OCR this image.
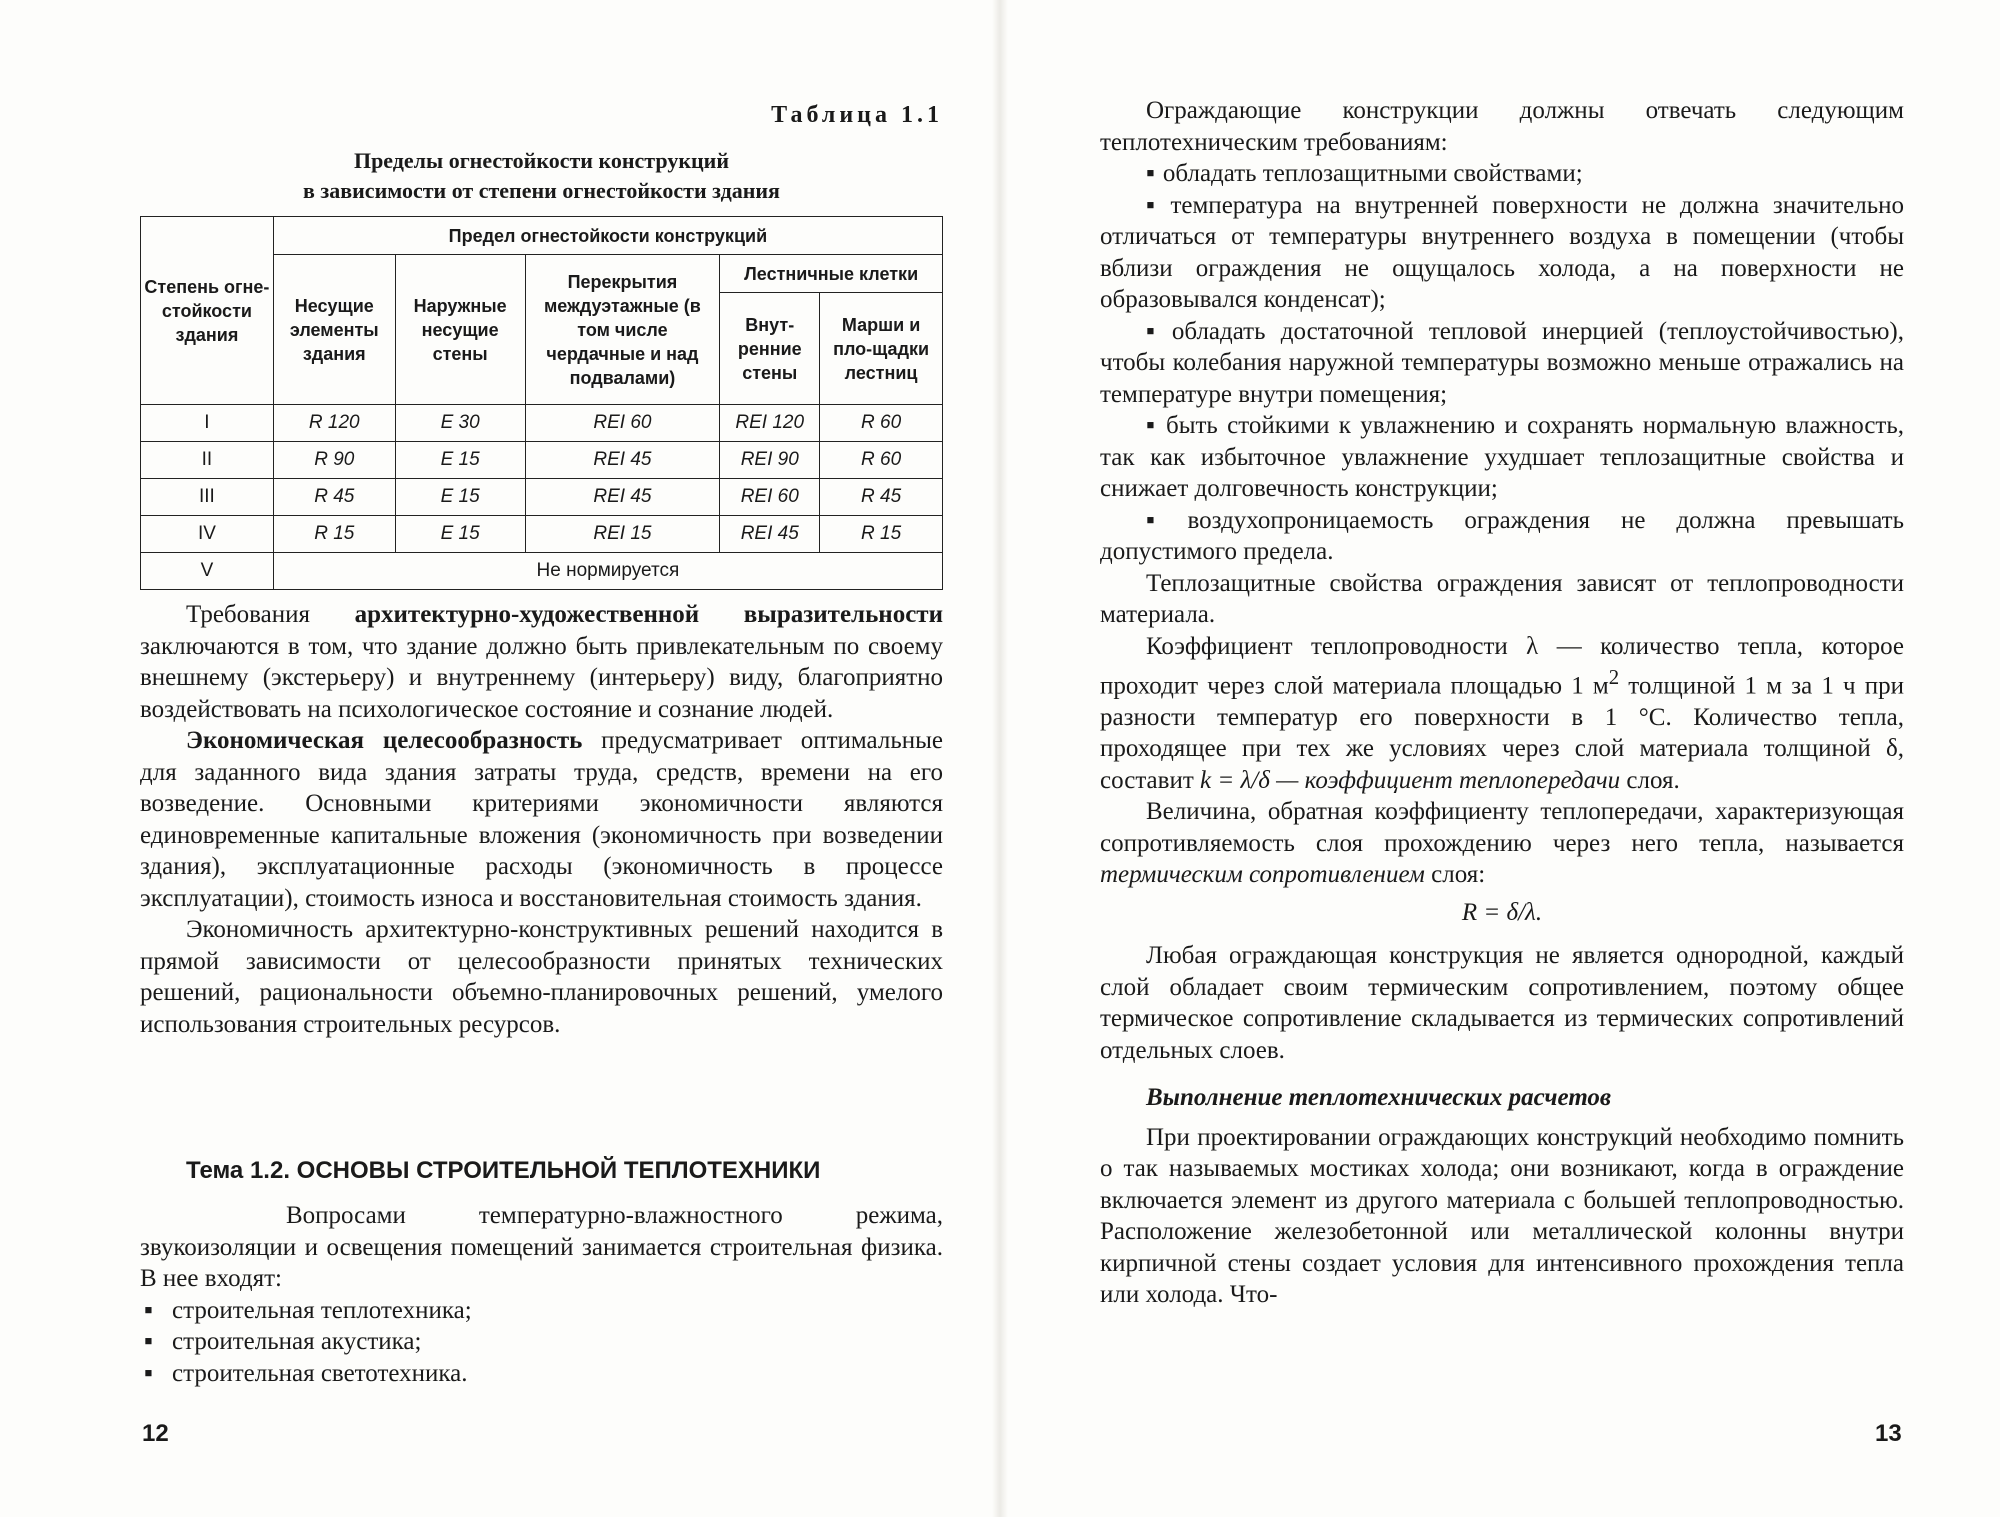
Таблица 1.1
Пределы огнестойкости конструкций
в зависимости от степени огнестойкости здания
Степень огне-стойкости здания	Предел огнестойкости конструкций				
	Несущие элементы здания	Наружные несущие стены	Перекрытия междуэтажные (в том числе чердачные и над подвалами)	Лестничные клетки	
				Внут-ренние стены	Марши и пло-щадки лестниц
I	R 120	E 30	REI 60	REI 120	R 60
II	R 90	E 15	REI 45	REI 90	R 60
III	R 45	E 15	REI 45	REI 60	R 45
IV	R 15	E 15	REI 15	REI 45	R 15
V	Не нормируется				

Требования архитектурно-художественной выразительности заключаются в том, что здание должно быть привлекательным по своему внешнему (экстерьеру) и внутреннему (интерьеру) виду, благоприятно воздействовать на психологическое состояние и сознание людей.

Экономическая целесообразность предусматривает оптимальные для заданного вида здания затраты труда, средств, времени на его возведение. Основными критериями экономичности являются единовременные капитальные вложения (экономичность при возведении здания), эксплуатационные расходы (экономичность в процессе эксплуатации), стоимость износа и восстановительная стоимость здания.

Экономичность архитектурно-конструктивных решений находится в прямой зависимости от целесообразности принятых технических решений, рациональности объемно-планировочных решений, умелого использования строительных ресурсов.

Тема 1.2. ОСНОВЫ СТРОИТЕЛЬНОЙ ТЕПЛОТЕХНИКИ

Вопросами температурно-влажностного режима, звукоизоляции и освещения помещений занимается строительная физика. В нее входят:

▪ строительная теплотехника;
▪ строительная акустика;
▪ строительная светотехника.
12

Ограждающие конструкции должны отвечать следующим теплотехническим требованиям:

▪ обладать теплозащитными свойствами;
▪ температура на внутренней поверхности не должна значительно отличаться от температуры внутреннего воздуха в помещении (чтобы вблизи ограждения не ощущалось холода, а на поверхности не образовывался конденсат);
▪ обладать достаточной тепловой инерцией (теплоустойчивостью), чтобы колебания наружной температуры возможно меньше отражались на температуре внутри помещения;
▪ быть стойкими к увлажнению и сохранять нормальную влажность, так как избыточное увлажнение ухудшает теплозащитные свойства и снижает долговечность конструкции;
▪ воздухопроницаемость ограждения не должна превышать допустимого предела.

Теплозащитные свойства ограждения зависят от теплопроводности материала.

Коэффициент теплопроводности λ — количество тепла, которое проходит через слой материала площадью 1 $м^2$ толщиной 1 м за 1 ч при разности температур его поверхности в 1 °С. Количество тепла, проходящее при тех же условиях через слой материала толщиной δ, составит k = λ/δ — коэффициент теплопередачи слоя.

Величина, обратная коэффициенту теплопередачи, характеризующая сопротивляемость слоя прохождению через него тепла, называется термическим сопротивлением слоя:

R = δ/λ.

Любая ограждающая конструкция не является однородной, каждый слой обладает своим термическим сопротивлением, поэтому общее термическое сопротивление складывается из термических сопротивлений отдельных слоев.

Выполнение теплотехнических расчетов

При проектировании ограждающих конструкций необходимо помнить о так называемых мостиках холода; они возникают, когда в ограждение включается элемент из другого материала с большей теплопроводностью. Расположение железобетонной или металлической колонны внутри кирпичной стены создает условия для интенсивного прохождения тепла или холода. Что-

13
